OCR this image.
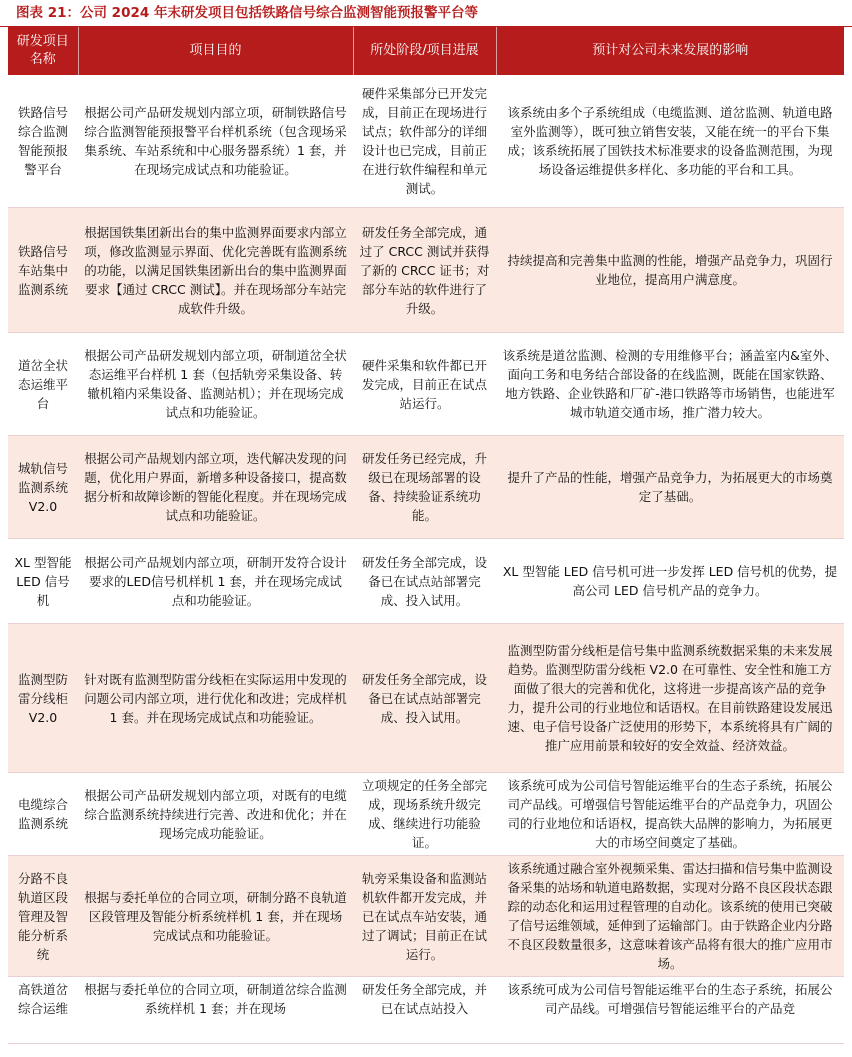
图表 21：公司 2024 年末研发项目包括铁路信号综合监测智能预报警平台等
研发项目名称	项目目的	所处阶段/项目进展	预计对公司未来发展的影响
铁路信号综合监测智能预报警平台	根据公司产品研发规划内部立项，研制铁路信号综合监测智能预报警平台样机系统（包含现场采集系统、车站系统和中心服务器系统）1 套，并在现场完成试点和功能验证。	硬件采集部分已开发完成，目前正在现场进行试点；软件部分的详细设计也已完成，目前正在进行软件编程和单元测试。	该系统由多个子系统组成（电缆监测、道岔监测、轨道电路室外监测等），既可独立销售安装，又能在统一的平台下集成；该系统拓展了国铁技术标准要求的设备监测范围，为现场设备运维提供多样化、多功能的平台和工具。
铁路信号车站集中监测系统	根据国铁集团新出台的集中监测界面要求内部立项，修改监测显示界面、优化完善既有监测系统的功能，以满足国铁集团新出台的集中监测界面要求【通过 CRCC 测试】。并在现场部分车站完成软件升级。	研发任务全部完成，通过了 CRCC 测试并获得了新的 CRCC 证书；对部分车站的软件进行了升级。	持续提高和完善集中监测的性能，增强产品竞争力，巩固行业地位，提高用户满意度。
道岔全状态运维平台	根据公司产品研发规划内部立项，研制道岔全状态运维平台样机 1 套（包括轨旁采集设备、转辙机箱内采集设备、监测站机）；并在现场完成试点和功能验证。	硬件采集和软件都已开发完成，目前正在试点站运行。	该系统是道岔监测、检测的专用维修平台；涵盖室内&室外、面向工务和电务结合部设备的在线监测，既能在国家铁路、地方铁路、企业铁路和厂矿-港口铁路等市场销售，也能进军城市轨道交通市场，推广潜力较大。
城轨信号监测系统 V2.0	根据公司产品规划内部立项，迭代解决发现的问题，优化用户界面，新增多种设备接口，提高数据分析和故障诊断的智能化程度。并在现场完成试点和功能验证。	研发任务已经完成，升级已在现场部署的设备、持续验证系统功能。	提升了产品的性能，增强产品竞争力，为拓展更大的市场奠定了基础。
XL 型智能 LED 信号机	根据公司产品规划内部立项，研制开发符合设计要求的LED信号机样机 1 套，并在现场完成试点和功能验证。	研发任务全部完成，设备已在试点站部署完成、投入试用。	XL 型智能 LED 信号机可进一步发挥 LED 信号机的优势，提高公司 LED 信号机产品的竞争力。
监测型防雷分线柜 V2.0	针对既有监测型防雷分线柜在实际运用中发现的问题公司内部立项，进行优化和改进；完成样机 1 套。并在现场完成试点和功能验证。	研发任务全部完成，设备已在试点站部署完成、投入试用。	监测型防雷分线柜是信号集中监测系统数据采集的未来发展趋势。监测型防雷分线柜 V2.0 在可靠性、安全性和施工方面做了很大的完善和优化，这将进一步提高该产品的竞争力，提升公司的行业地位和话语权。在目前铁路建设发展迅速、电子信号设备广泛使用的形势下，本系统将具有广阔的推广应用前景和较好的安全效益、经济效益。
电缆综合监测系统	根据公司产品研发规划内部立项，对既有的电缆综合监测系统持续进行完善、改进和优化；并在现场完成功能验证。	立项规定的任务全部完成，现场系统升级完成、继续进行功能验证。	该系统可成为公司信号智能运维平台的生态子系统，拓展公司产品线。可增强信号智能运维平台的产品竞争力，巩固公司的行业地位和话语权，提高铁大品牌的影响力，为拓展更大的市场空间奠定了基础。
分路不良轨道区段管理及智能分析系统	根据与委托单位的合同立项，研制分路不良轨道区段管理及智能分析系统样机 1 套，并在现场完成试点和功能验证。	轨旁采集设备和监测站机软件都开发完成，并已在试点车站安装，通过了调试；目前正在试运行。	该系统通过融合室外视频采集、雷达扫描和信号集中监测设备采集的站场和轨道电路数据，实现对分路不良区段状态跟踪的动态化和运用过程管理的自动化。该系统的使用已突破了信号运维领域，延伸到了运输部门。由于铁路企业内分路不良区段数量很多，这意味着该产品将有很大的推广应用市场。
高铁道岔综合运维	根据与委托单位的合同立项，研制道岔综合监测系统样机 1 套；并在现场	研发任务全部完成，并已在试点站投入	该系统可成为公司信号智能运维平台的生态子系统，拓展公司产品线。可增强信号智能运维平台的产品竞
